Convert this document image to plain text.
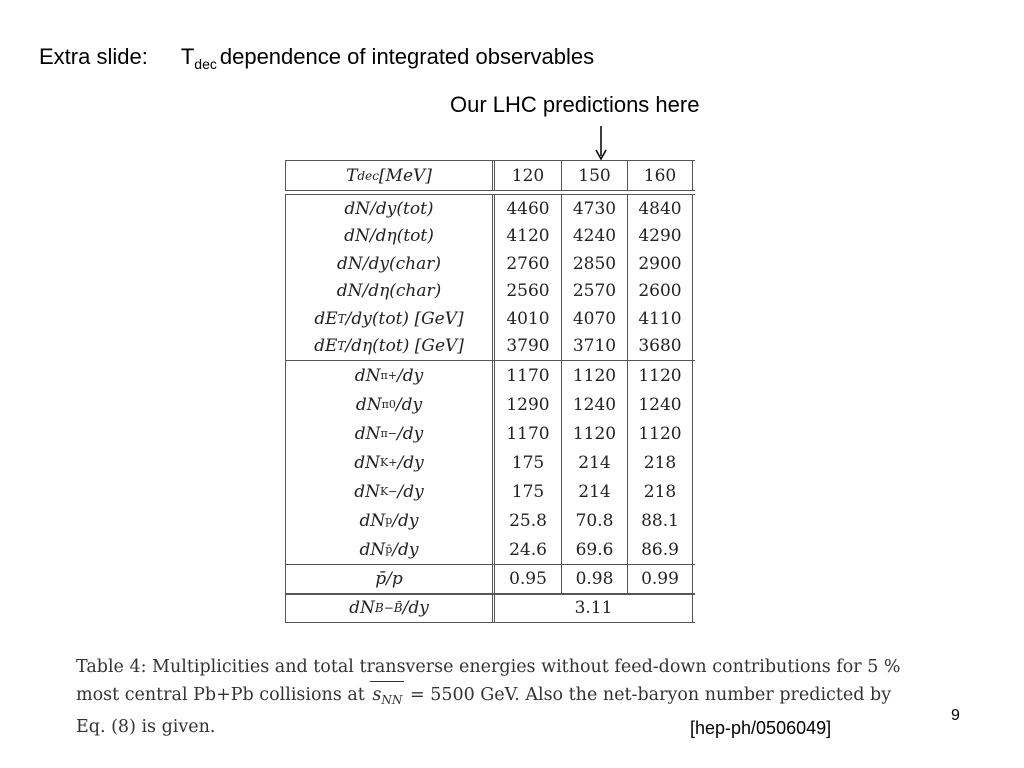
Extra slide: $T_{dec}$ dependence of integrated observables
Our LHC predictions here
T dec [MeV]	120	150	160
dN/dy(tot)	4460	4730	4840
dN/dη(tot)	4120	4240	4290
dN/dy(char)	2760	2850	2900
dN/dη(char)	2560	2570	2600
dE T /dy(tot) [GeV]	4010	4070	4110
dE T /dη(tot) [GeV]	3790	3710	3680
dN π+ /dy	1170	1120	1120
dN π0 /dy	1290	1240	1240
dN π− /dy	1170	1120	1120
dN K+ /dy	175	214	218
dN K− /dy	175	214	218
dN p /dy	25.8	70.8	88.1
dN p̄ /dy	24.6	69.6	86.9
p̄/p	0.95	0.98	0.99
dN B−B̄ /dy	3.11
Table 4: Multiplicities and total transverse energies without feed-down contributions for 5 % most central Pb+Pb collisions at $s_{NN} = 5500$ GeV. Also the net-baryon number predicted by Eq. (8) is given.	[hep-ph/0506049]
9
